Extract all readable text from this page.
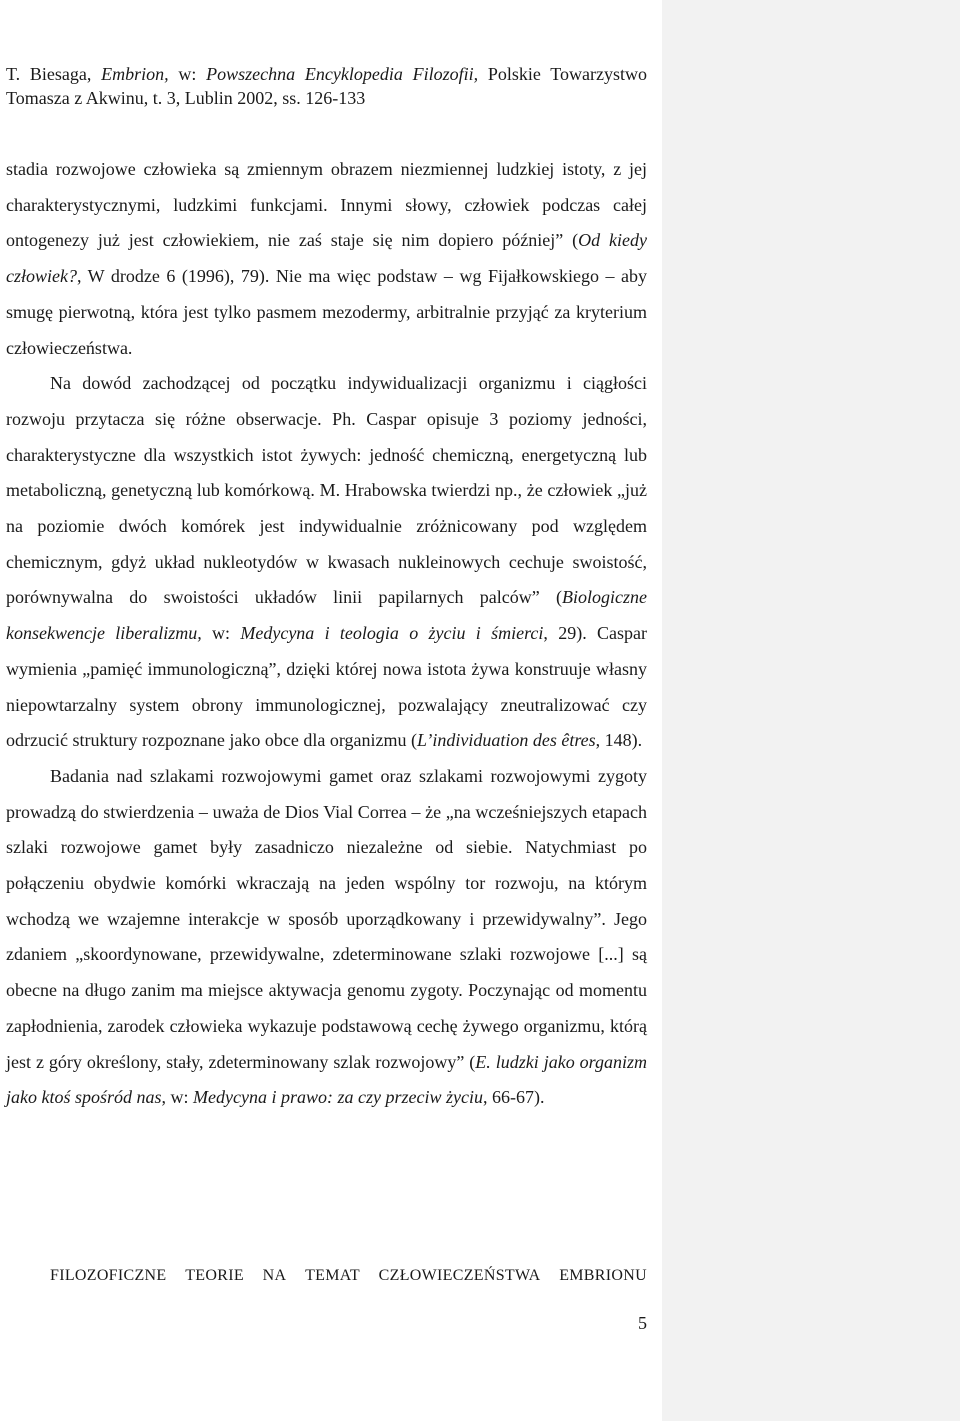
T. Biesaga, Embrion, w: Powszechna Encyklopedia Filozofii, Polskie Towarzystwo Tomasza z Akwinu, t. 3, Lublin 2002, ss. 126-133

stadia rozwojowe człowieka są zmiennym obrazem niezmiennej ludzkiej istoty, z jej charakterystycznymi, ludzkimi funkcjami. Innymi słowy, człowiek podczas całej ontogenezy już jest człowiekiem, nie zaś staje się nim dopiero później” (Od kiedy człowiek?, W drodze 6 (1996), 79). Nie ma więc podstaw – wg Fijałkowskiego – aby smugę pierwotną, która jest tylko pasmem mezodermy, arbitralnie przyjąć za kryterium człowieczeństwa.

Na dowód zachodzącej od początku indywidualizacji organizmu i ciągłości rozwoju przytacza się różne obserwacje. Ph. Caspar opisuje 3 poziomy jedności, charakterystyczne dla wszystkich istot żywych: jedność chemiczną, energetyczną lub metaboliczną, genetyczną lub komórkową. M. Hrabowska twierdzi np., że człowiek „już na poziomie dwóch komórek jest indywidualnie zróżnicowany pod względem chemicznym, gdyż układ nukleotydów w kwasach nukleinowych cechuje swoistość, porównywalna do swoistości układów linii papilarnych palców” (Biologiczne konsekwencje liberalizmu, w: Medycyna i teologia o życiu i śmierci, 29). Caspar wymienia „pamięć immunologiczną”, dzięki której nowa istota żywa konstruuje własny niepowtarzalny system obrony immunologicznej, pozwalający zneutralizować czy odrzucić struktury rozpoznane jako obce dla organizmu (L’individuation des êtres, 148).

Badania nad szlakami rozwojowymi gamet oraz szlakami rozwojowymi zygoty prowadzą do stwierdzenia – uważa de Dios Vial Correa – że „na wcześniejszych etapach szlaki rozwojowe gamet były zasadniczo niezależne od siebie. Natychmiast po połączeniu obydwie komórki wkraczają na jeden wspólny tor rozwoju, na którym wchodzą we wzajemne interakcje w sposób uporządkowany i przewidywalny”. Jego zdaniem „skoordynowane, przewidywalne, zdeterminowane szlaki rozwojowe [...] są obecne na długo zanim ma miejsce aktywacja genomu zygoty. Poczynając od momentu zapłodnienia, zarodek człowieka wykazuje podstawową cechę żywego organizmu, którą jest z góry określony, stały, zdeterminowany szlak rozwojowy” (E. ludzki jako organizm jako ktoś spośród nas, w: Medycyna i prawo: za czy przeciw życiu, 66-67).

FILOZOFICZNE TEORIE NA TEMAT CZŁOWIECZEŃSTWA EMBRIONU
5
